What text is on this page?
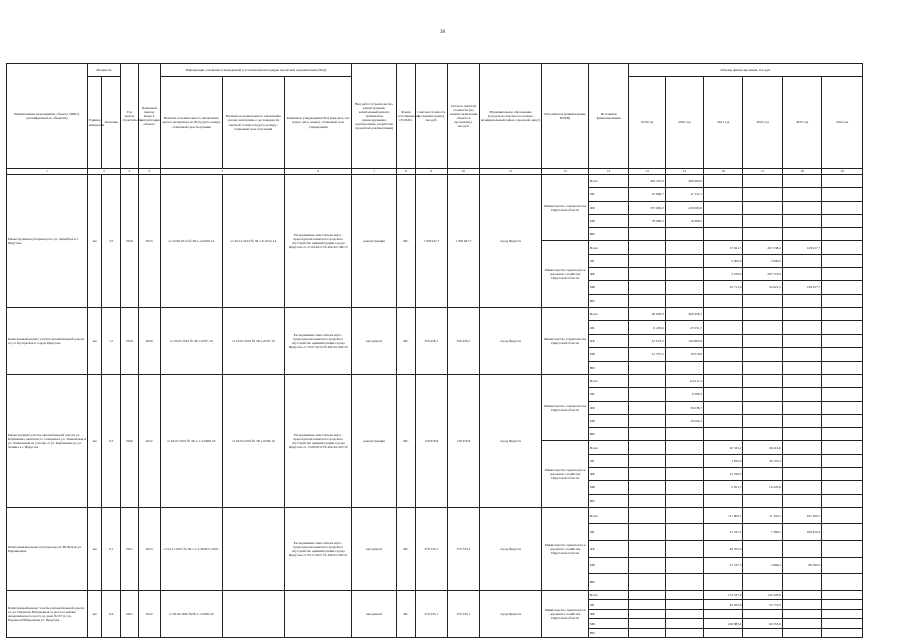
38
Наименование мероприятия, объекта, ПИР (с расшифровкой по объектам)	Мощность		Год начала строительства	Плановый период ввода в эксплуатацию объекта	Информация о наличии утвержденной и установленном порядке проектной документации (ПСД)			Вид работ (строительство, реконструкция, капитальный ремонт, техническое перевооружение, приобретение, разработка проектной документации)	Форма собственности (ГО/МС)	Сметная стоимость (в текущих ценах), тыс.руб.	Остаток сметной стоимости (на момент включения объекта в программу), тыс.руб.	Муниципальное образование (городское/сельское поселение, муниципальный район, городской округ)	Исполнитель (наименование ИОГВ)	Источники финансирования	Объемы финансирования, тыс.руб.					
	Единица измерения	Значение			Наличие положительного заключения органа экспертизы на ПСД (дата, номер) / плановый срок получения	Наличие положительного заключения органа экспертизы о достоверности сметной стоимости (дата, номер) / плановый срок получения	Реквизиты утверждения ПСД (вид акта, кто издал, дата, номер) / плановый срок утверждения								2019 год	2020 год	2021 год	2022 год	2023 год	2024 год
1	2		3	4	5		6	7	8	9	10	11	12	13	14	15	16	17	18	19
Реконструкция путепровода по ул. Джамбула в г. Иркутске	км	3,5	2019	2023	от 22.09.2014 № 38-1-4-0209-14	от 26.12.2014 № 38-1-6-0152-14	Распоряжение заместителя мэра - председателя комитета городского обустройства администрации города Иркутска от 27.04.2015 № 404-02-186/15	реконструкция	МС	1 358 947,7	1 358 947,7	город Иркутск	Министерство строительства Иркутской области	Всего	463 310,0	460 000,0				
														ОБ	10 660,7	11 531,5				
														ФБ	375 000,0	430 000,0				
														МБ	78 089,3	18 468,5				
														ВИ						
													Министерство транспорта и дорожного хозяйства Иркутской области	Всего			17 941,5	267 338,4	149 917,7	
														ОБ			5 000,0	5 000,0		
														ФБ			2 229,9	207 716,9		
														МБ			10 711,6	54 621,5	149 917,7	
														ВИ						
Капитальный ремонт участка автомобильной дороги по ул. Култукская в городе Иркутске	км	1,7	2019	2020	от 19.07.2019 № 38-1-6797-19	от 19.07.2019 № 38-1-6797-19	Распоряжение заместителя мэра - председателя комитета городского обустройства администрации города Иркутска от 25.07.2019 № 404-02-403/19	кап.ремонт	МС	356 458,1	356 458,1	город Иркутск	Министерство строительства Иркутской области	Всего	90 000,0	266 458,1				
														ОБ	6 228,6	25 551,7				
														ФБ	61 674,2	164 895,8				
														МБ	21 797,2	76 010,6				
														ВИ						
Реконструкция участка автомобильной дороги ул. Карбышева, включая ул. Северная и ул. Ушаковская и ул. Ушаковская на участке от ул. Карбышева до ул. Ленина в г. Иркутске	км	0,3	2020	2022	от 04.07.2019 № 38-1-1-3-0069-18	от 03.03.2019 № 38-1-0236-19	Распоряжение заместителя мэра - председателя комитета городского обустройства администрации города Иркутска от 13.08.2019 № 404-02-447/19	реконструкция	МС	130 976,8	130 976,8	город Иркутск	Министерство строительства Иркутской области	Всего		64 211,2				
														ОБ		9 580,3				
														ФБ		36 038,7				
														МБ		18 592,2				
														ВИ						
													Министерство транспорта и дорожного хозяйства Иркутской области	Всего			20 525,2	46 416,0		
														ОБ			1 833,9	30 170,4		
														ФБ			15 799,5			
														МБ			2 951,7	16 245,6		
														ВИ						
Капитальный ремонт путепровода по ВСЖД на ул. Баррикадная	км	0,1	2021	2023	от 02.11.2021 № 38-1-1-2-064571-2021		Распоряжение заместителя мэра - председателя комитета городского обустройства администрации города Иркутска от 03.11.2021 № 404-02-295/21	кап.ремонт	МС	370 533,3	370 533,3	город Иркутск	Министерство транспорта и дорожного хозяйства Иркутской области	Всего			111 800,1	11 332,5	247 400,7	
														ОБ			31 547,2	7 366,2	160 810,4	
														ФБ			48 705,4			
														МБ			31 547,5	3 966,4	86 590,2	
														ВИ						
Капитальный ремонт участка автомобильной дороги по ул. Партизан Набережная от моста в районе Академического моста до дома №157 по ул. Партизан Набережная в г. Иркутске	км	0,6	2021	2022	от 30.04.2020 №38-1-1-0306-20			кап.ремонт	МС	370 535,1	370 535,1	город Иркутск	Министерство транспорта и дорожного хозяйства Иркутской области	Всего			172 537,0	145 320,8		
														ОБ			62 653,8	52 772,9		
														ФБ						
														МБ			109 883,2	92 555,0		
														ВИ						
